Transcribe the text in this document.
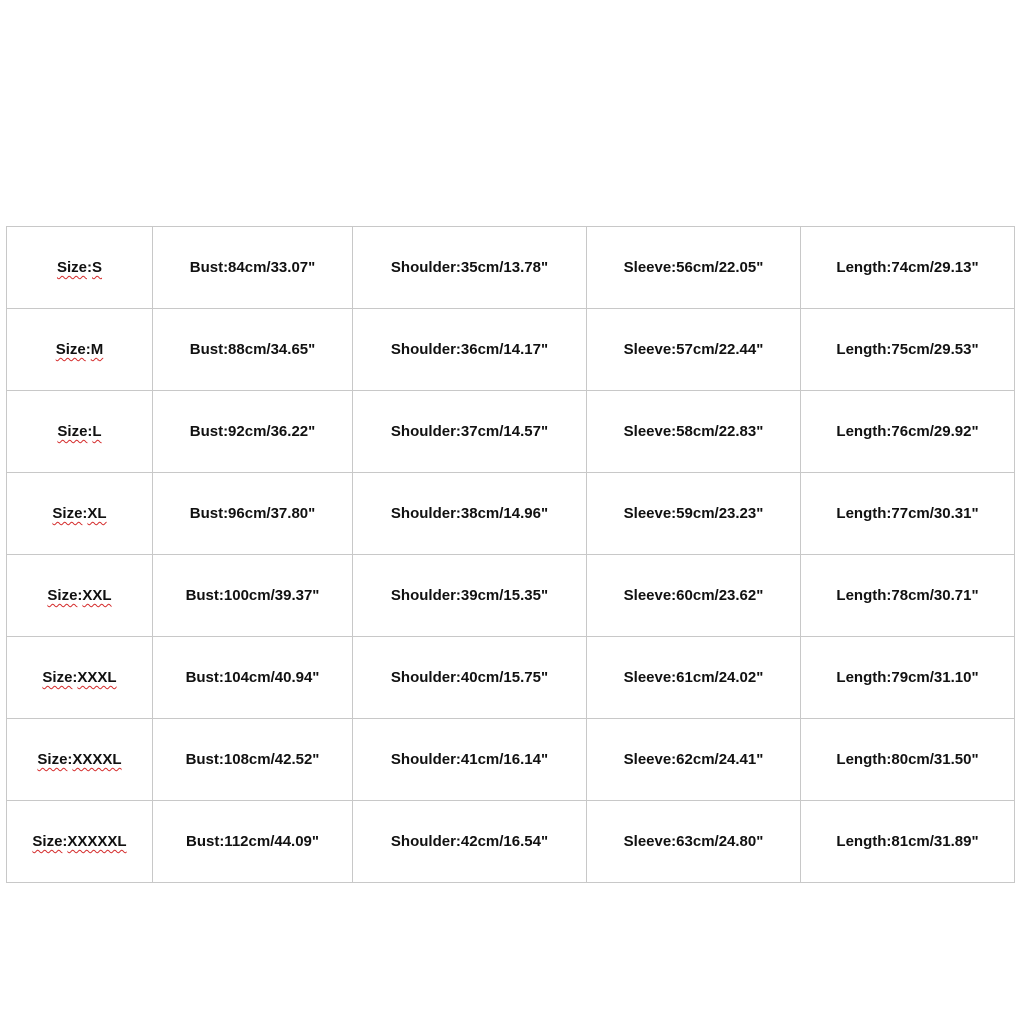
Size:S	Bust:84cm/33.07"	Shoulder:35cm/13.78"	Sleeve:56cm/22.05"	Length:74cm/29.13"
Size:M	Bust:88cm/34.65"	Shoulder:36cm/14.17"	Sleeve:57cm/22.44"	Length:75cm/29.53"
Size:L	Bust:92cm/36.22"	Shoulder:37cm/14.57"	Sleeve:58cm/22.83"	Length:76cm/29.92"
Size:XL	Bust:96cm/37.80"	Shoulder:38cm/14.96"	Sleeve:59cm/23.23"	Length:77cm/30.31"
Size:XXL	Bust:100cm/39.37"	Shoulder:39cm/15.35"	Sleeve:60cm/23.62"	Length:78cm/30.71"
Size:XXXL	Bust:104cm/40.94"	Shoulder:40cm/15.75"	Sleeve:61cm/24.02"	Length:79cm/31.10"
Size:XXXXL	Bust:108cm/42.52"	Shoulder:41cm/16.14"	Sleeve:62cm/24.41"	Length:80cm/31.50"
Size:XXXXXL	Bust:112cm/44.09"	Shoulder:42cm/16.54"	Sleeve:63cm/24.80"	Length:81cm/31.89"
